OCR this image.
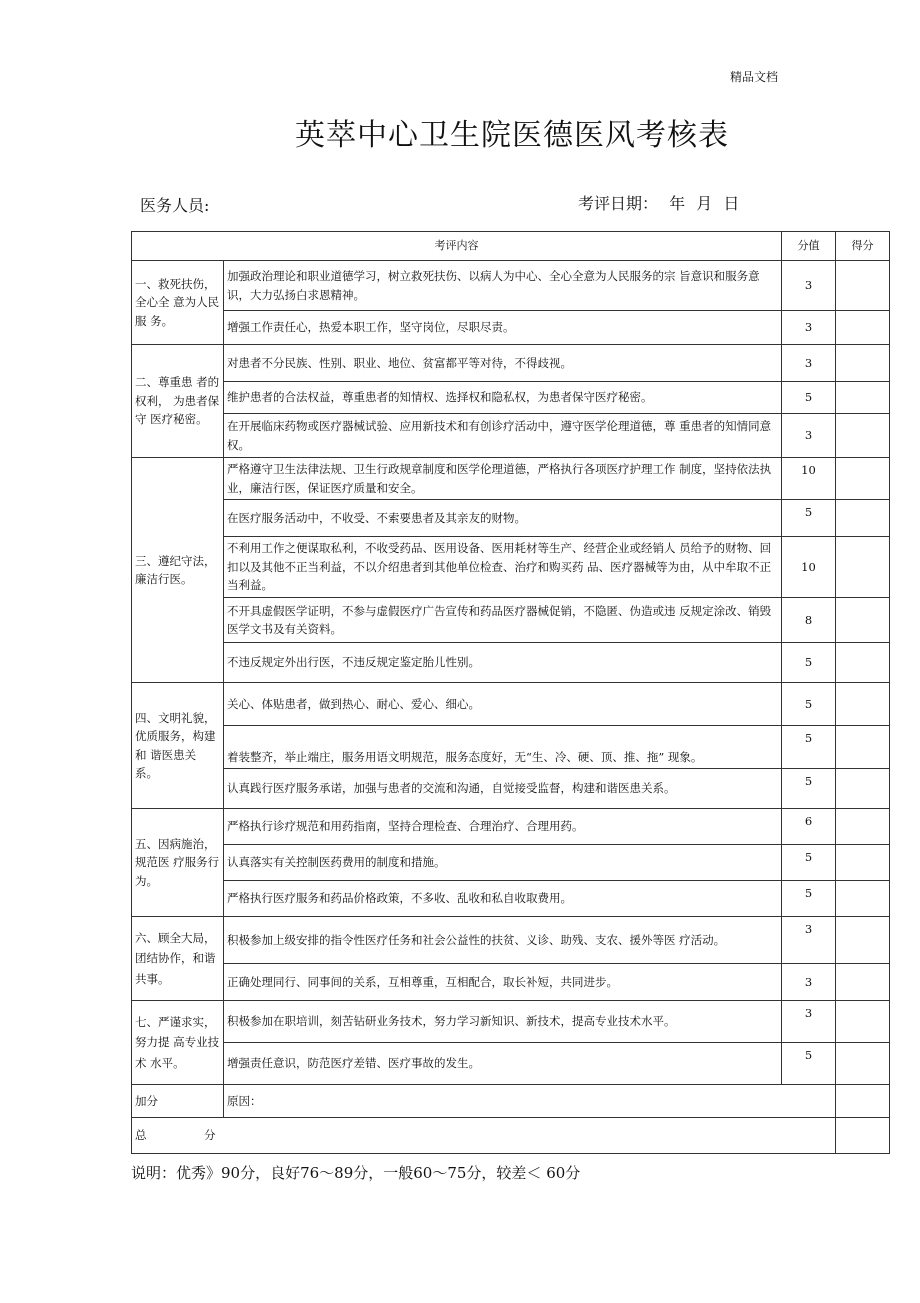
精品文档
英萃中心卫生院医德医风考核表
医务人员:	考评日期： 年 月 日
考评内容		分值	得分
一、救死扶伤，全心全 意为人民服 务。	加强政治理论和职业道德学习，树立救死扶伤、以病人为中心、全心全意为人民服务的宗 旨意识和服务意识，大力弘扬白求恩精神。	3	
	增强工作责任心，热爱本职工作，坚守岗位，尽职尽责。	3	
二、尊重患 者的权利， 为患者保守 医疗秘密。	对患者不分民族、性别、职业、地位、贫富都平等对待，不得歧视。	3	
	维护患者的合法权益，尊重患者的知情权、选择权和隐私权，为患者保守医疗秘密。	5	
	在开展临床药物或医疗器械试验、应用新技术和有创诊疗活动中，遵守医学伦理道德，尊 重患者的知情同意权。	3	
三、遵纪守法，廉洁行医。	严格遵守卫生法律法规、卫生行政规章制度和医学伦理道德，严格执行各项医疗护理工作 制度，坚持依法执业，廉洁行医，保证医疗质量和安全。	10	
	在医疗服务活动中，不收受、不索要患者及其亲友的财物。	5	
	不利用工作之便谋取私利，不收受药品、医用设备、医用耗材等生产、经营企业或经销人 员给予的财物、回扣以及其他不正当利益，不以介绍患者到其他单位检查、治疗和购买药 品、医疗器械等为由，从中牟取不正当利益。	10	
	不开具虚假医学证明，不参与虚假医疗广告宣传和药品医疗器械促销，不隐匿、伪造或违 反规定涂改、销毁医学文书及有关资料。	8	
	不违反规定外出行医，不违反规定鉴定胎儿性别。	5	
四、文明礼貌，优质服务，构建和 谐医患关 系。	关心、体贴患者，做到热心、耐心、爱心、细心。	5	
	着装整齐，举止端庄，服务用语文明规范，服务态度好，无“生、冷、硬、顶、推、拖” 现象。	5	
	认真践行医疗服务承诺，加强与患者的交流和沟通，自觉接受监督，构建和谐医患关系。	5	
五、因病施治，规范医 疗服务行 为。	严格执行诊疗规范和用药指南，坚持合理检查、合理治疗、合理用药。	6	
	认真落实有关控制医药费用的制度和措施。	5	
	严格执行医疗服务和药品价格政策，不多收、乱收和私自收取费用。	5	
六、顾全大局，团结协作，和谐共事。	积极参加上级安排的指令性医疗任务和社会公益性的扶贫、义诊、助残、支农、援外等医 疗活动。	3	
	正确处理同行、同事间的关系，互相尊重，互相配合，取长补短，共同进步。	3	
七、严谨求实，努力提 高专业技术 水平。	积极参加在职培训，刻苦钻研业务技术，努力学习新知识、新技术，提高专业技术水平。	3	
	增强责任意识，防范医疗差错、医疗事故的发生。	5	
加分	原因：		
总　　　　　分			
说明：优秀》90分，良好76～89分，一般60～75分，较差＜ 60分
